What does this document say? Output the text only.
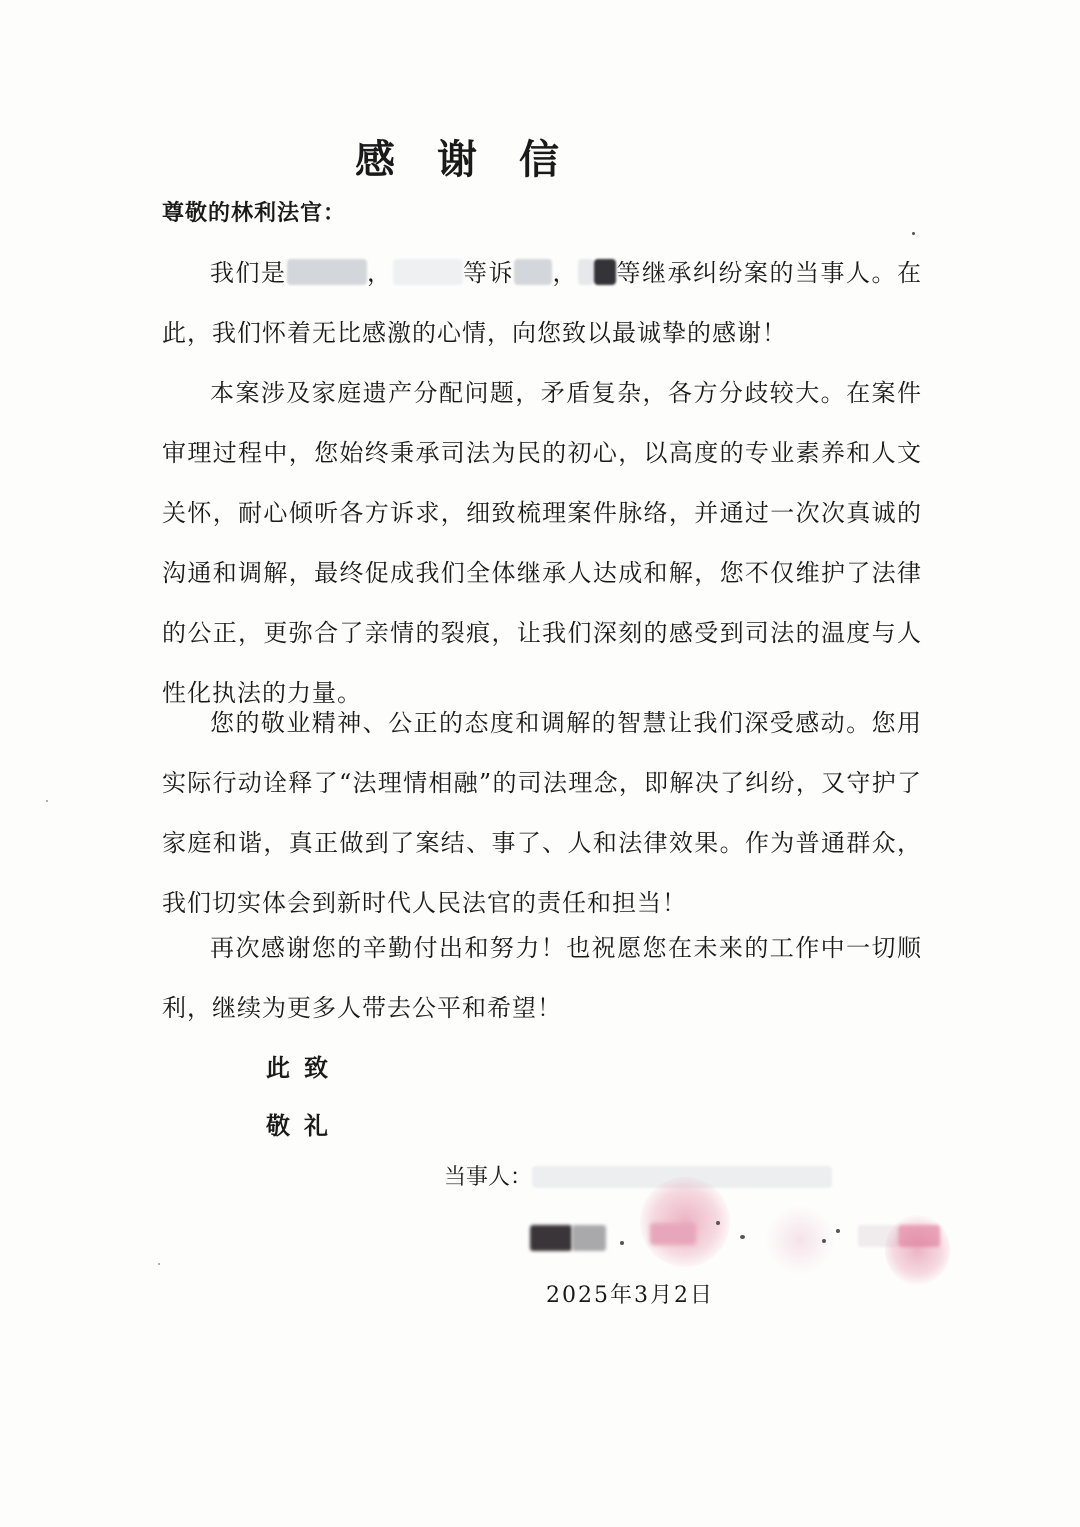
感 谢 信
尊敬的林利法官：

我们是	，	等诉 ， 等继承纠纷案的当事人。在此，我们怀着无比感激的心情，向您致以最诚挚的感谢！

本案涉及家庭遗产分配问题，矛盾复杂，各方分歧较大。在案件审理过程中，您始终秉承司法为民的初心，以高度的专业素养和人文关怀，耐心倾听各方诉求，细致梳理案件脉络，并通过一次次真诚的沟通和调解，最终促成我们全体继承人达成和解，您不仅维护了法律的公正，更弥合了亲情的裂痕，让我们深刻的感受到司法的温度与人性化执法的力量。

您的敬业精神、公正的态度和调解的智慧让我们深受感动。您用实际行动诠释了“法理情相融”的司法理念，即解决了纠纷，又守护了家庭和谐，真正做到了案结、事了、人和法律效果。作为普通群众，我们切实体会到新时代人民法官的责任和担当！

再次感谢您的辛勤付出和努力！也祝愿您在未来的工作中一切顺利，继续为更多人带去公平和希望！

此致
敬礼
当事人：
2025年3月2日
